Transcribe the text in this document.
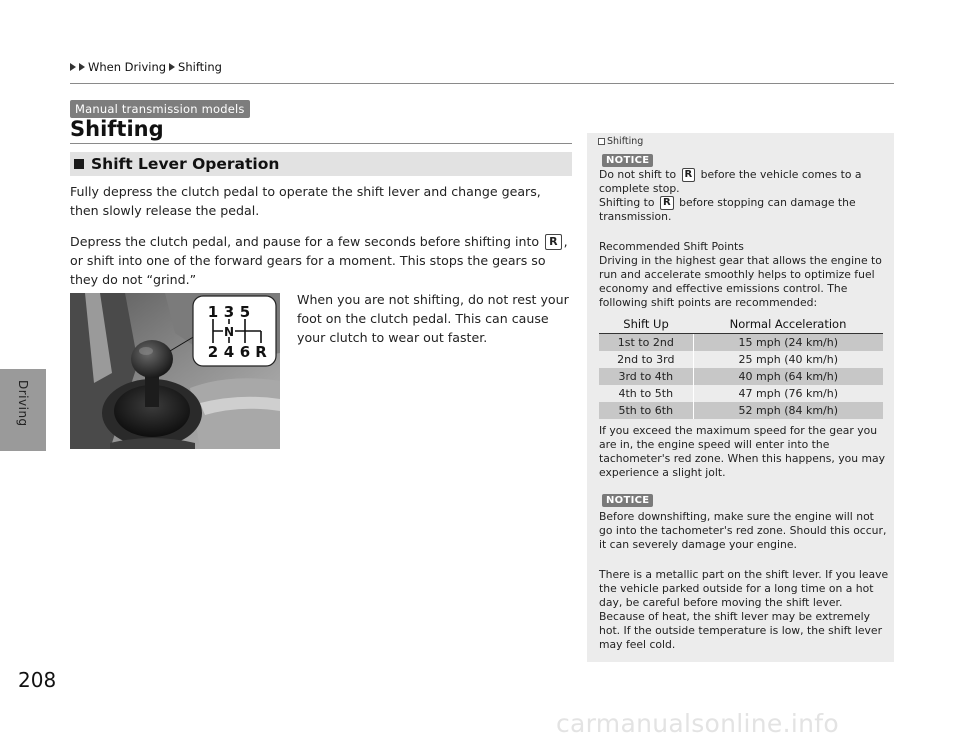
Driving
208
When Driving Shifting
Manual transmission models
Shifting
Shift Lever Operation
Fully depress the clutch pedal to operate the shift lever and change gears, then slowly release the pedal.
Depress the clutch pedal, and pause for a few seconds before shifting into R , or shift into one of the forward gears for a moment. This stops the gears so they do not “grind.”
When you are not shifting, do not rest your foot on the clutch pedal. This can cause your clutch to wear out faster.
1 3 5
N
2 4 6 R
Shifting
NOTICE
Do not shift to R before the vehicle comes to a complete stop.
Shifting to R before stopping can damage the transmission.
Recommended Shift Points
Driving in the highest gear that allows the engine to run and accelerate smoothly helps to optimize fuel economy and effective emissions control. The following shift points are recommended:
Shift Up	Normal Acceleration
1st to 2nd	15 mph (24 km/h)
2nd to 3rd	25 mph (40 km/h)
3rd to 4th	40 mph (64 km/h)
4th to 5th	47 mph (76 km/h)
5th to 6th	52 mph (84 km/h)
If you exceed the maximum speed for the gear you are in, the engine speed will enter into the tachometer's red zone. When this happens, you may experience a slight jolt.
NOTICE
Before downshifting, make sure the engine will not go into the tachometer's red zone. Should this occur, it can severely damage your engine.
There is a metallic part on the shift lever. If you leave the vehicle parked outside for a long time on a hot day, be careful before moving the shift lever. Because of heat, the shift lever may be extremely hot. If the outside temperature is low, the shift lever may feel cold.
carmanualsonline.info
